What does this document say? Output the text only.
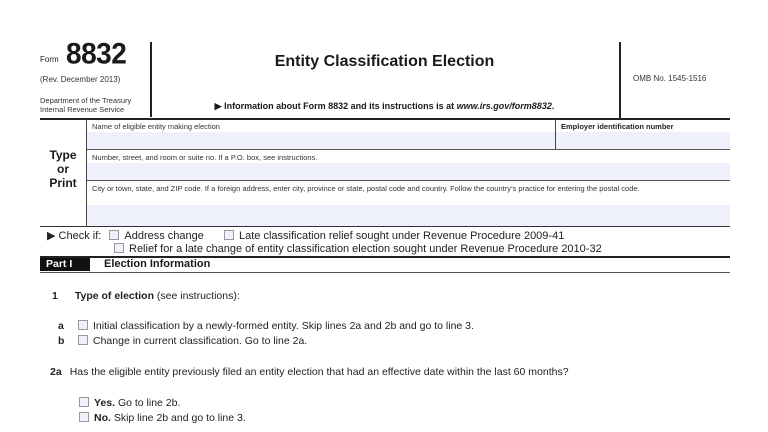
Form 8832
(Rev. December 2013)
Department of the Treasury
Internal Revenue Service
Entity Classification Election
▶ Information about Form 8832 and its instructions is at www.irs.gov/form8832.
OMB No. 1545-1516
Type
or
Print
Name of eligible entity making election	Employer identification number
Number, street, and room or suite no. If a P.O. box, see instructions.
City or town, state, and ZIP code. If a foreign address, enter city, province or state, postal code and country. Follow the country’s practice for entering the postal code.
▶ Check if: Address change	Late classification relief sought under Revenue Procedure 2009-41
Relief for a late change of entity classification election sought under Revenue Procedure 2010-32
Part I	Election Information
1 Type of election (see instructions):
a	Initial classification by a newly-formed entity. Skip lines 2a and 2b and go to line 3.
b	Change in current classification. Go to line 2a.
2a Has the eligible entity previously filed an entity election that had an effective date within the last 60 months?
Yes. Go to line 2b.
No. Skip line 2b and go to line 3.
